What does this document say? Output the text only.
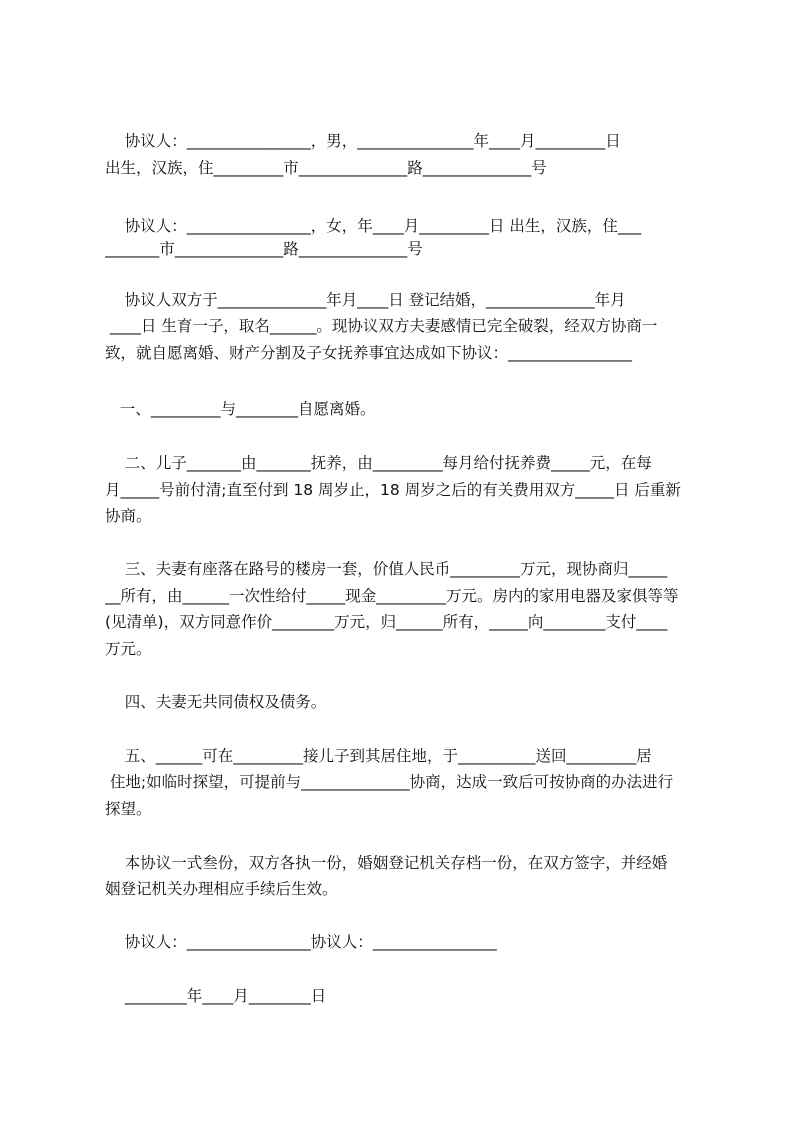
协议人：________________，男，_______________年____月_________日
出生，汉族，住_________市______________路______________号
协议人：________________，女，年____月_________日 出生，汉族，住___
_______市______________路______________号
协议人双方于______________年月____日 登记结婚，______________年月
____日 生育一子，取名______。现协议双方夫妻感情已完全破裂，经双方协商一
致，就自愿离婚、财产分割及子女抚养事宜达成如下协议：________________
一、_________与________自愿离婚。
二、儿子_______由_______抚养，由_________每月给付抚养费_____元，在每
月_____号前付清;直至付到 18 周岁止，18 周岁之后的有关费用双方_____日 后重新
协商。
三、夫妻有座落在路号的楼房一套，价值人民币_________万元，现协商归_____
__所有，由______一次性给付_____现金_________万元。房内的家用电器及家俱等等
(见清单)，双方同意作价________万元，归______所有，_____向________支付____
万元。
四、夫妻无共同债权及债务。
五、______可在_________接儿子到其居住地，于__________送回_________居
住地;如临时探望，可提前与______________协商，达成一致后可按协商的办法进行
探望。
本协议一式叁份，双方各执一份，婚姻登记机关存档一份，在双方签字，并经婚
姻登记机关办理相应手续后生效。
协议人：________________协议人：________________
________年____月________日
